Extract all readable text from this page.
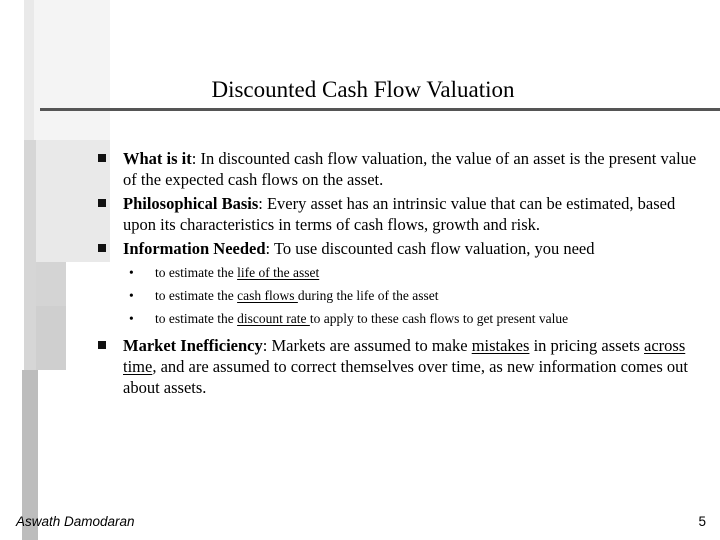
Discounted Cash Flow Valuation
What is it: In discounted cash flow valuation, the value of an asset is the present value of the expected cash flows on the asset.
Philosophical Basis: Every asset has an intrinsic value that can be estimated, based upon its characteristics in terms of cash flows, growth and risk.
Information Needed: To use discounted cash flow valuation, you need
• to estimate the life of the asset
• to estimate the cash flows during the life of the asset
• to estimate the discount rate to apply to these cash flows to get present value
Market Inefficiency: Markets are assumed to make mistakes in pricing assets across time, and are assumed to correct themselves over time, as new information comes out about assets.
Aswath Damodaran	5
